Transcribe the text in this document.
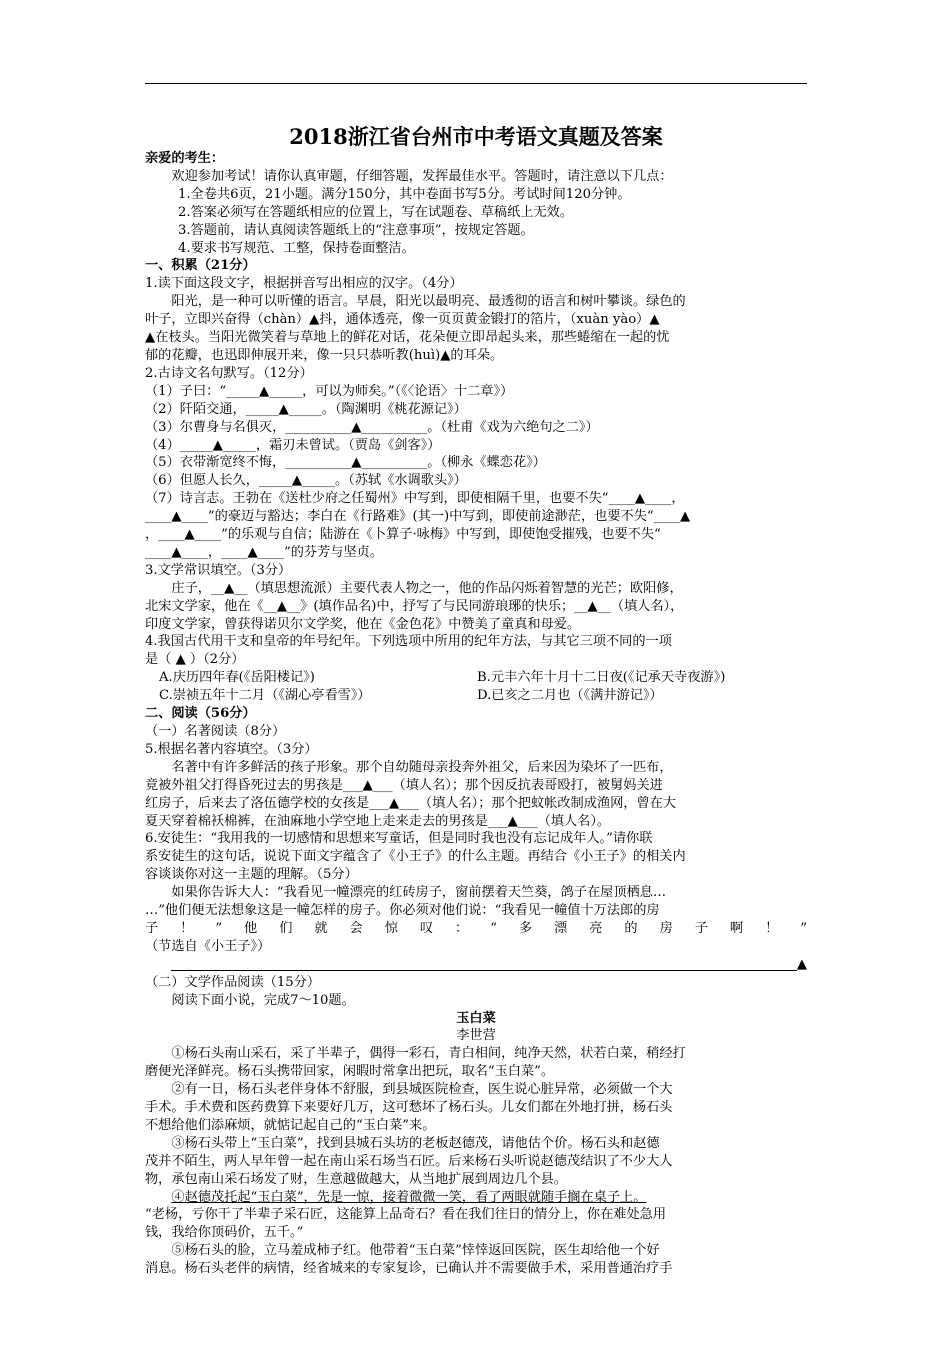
2018浙江省台州市中考语文真题及答案

亲爱的考生：

欢迎参加考试！请你认真审题，仔细答题，发挥最佳水平。答题时，请注意以下几点：

1.全卷共6页，21小题。满分150分，其中卷面书写5分。考试时间120分钟。

2.答案必须写在答题纸相应的位置上，写在试题卷、草稿纸上无效。

3.答题前，请认真阅读答题纸上的“注意事项”，按规定答题。

4.要求书写规范、工整，保持卷面整洁。

一、积累（21分）

1.读下面这段文字，根据拼音写出相应的汉字。（4分）

阳光，是一种可以听懂的语言。早晨，阳光以最明亮、最透彻的语言和树叶攀谈。绿色的

叶子，立即兴奋得（chàn）▲抖，通体透亮，像一页页黄金锻打的箔片，（xuàn yào）▲

▲在枝头。当阳光微笑着与草地上的鲜花对话，花朵便立即昂起头来，那些蜷缩在一起的忧

郁的花瓣，也迅即伸展开来，像一只只恭听教(huì)▲的耳朵。

2.古诗文名句默写。（12分）

（1）子曰：“_____▲_____，可以为师矣。”（《〈论语〉十二章》）

（2）阡陌交通，_____▲_____。（陶渊明《桃花源记》）

（3）尔曹身与名俱灭，__________▲__________。（杜甫《戏为六绝句之二》）

（4）_____▲_____，霜刃未曾试。（贾岛《剑客》）

（5）衣带渐宽终不悔，__________▲__________。（柳永《蝶恋花》）

（6）但愿人长久，_____▲_____。（苏轼《水调歌头》）

（7）诗言志。王勃在《送杜少府之任蜀州》中写到，即使相隔千里，也要不失“____▲____，

____▲____”的豪迈与豁达；李白在《行路难》(其一)中写到，即使前途渺茫，也要不失“____▲

，____▲____”的乐观与自信；陆游在《卜算子·咏梅》中写到，即使饱受摧残，也要不失“

____▲____，____▲____”的芬芳与坚贞。

3.文学常识填空。（3分）

庄子，__▲__（填思想流派）主要代表人物之一，他的作品闪烁着智慧的光芒；欧阳修，

北宋文学家，他在《__▲__》(填作品名)中，抒写了与民同游琅琊的快乐；__▲__（填人名），

印度文学家，曾获得诺贝尔文学奖，他在《金色花》中赞美了童真和母爱。

4.我国古代用干支和皇帝的年号纪年。下列选项中所用的纪年方法，与其它三项不同的一项

是（ ▲ ）（2分）

A.庆历四年春(《岳阳楼记》)	B.元丰六年十月十二日夜(《记承天寺夜游》)
C.崇祯五年十二月（《湖心亭看雪》）	D.已亥之二月也（《满井游记》）

二、阅读（56分）

（一）名著阅读（8分）

5.根据名著内容填空。（3分）

名著中有许多鲜活的孩子形象。那个自幼随母亲投奔外祖父，后来因为染坏了一匹布，

竟被外祖父打得昏死过去的男孩是___▲___（填人名）；那个因反抗表哥殴打，被舅妈关进

红房子，后来去了洛伍德学校的女孩是___▲___（填人名）；那个把蚊帐改制成渔网，曾在大

夏天穿着棉袄棉裤，在油麻地小学空地上走来走去的男孩是___▲___（填人名）。

6.安徒生：“我用我的一切感情和思想来写童话，但是同时我也没有忘记成年人。”请你联

系安徒生的这句话，说说下面文字蕴含了《小王子》的什么主题。再结合《小王子》的相关内

容谈谈你对这一主题的理解。（5分）

如果你告诉大人：“我看见一幢漂亮的红砖房子，窗前摆着天竺葵，鸽子在屋顶栖息…

…”他们便无法想象这是一幢怎样的房子。你必须对他们说：“我看见一幢值十万法郎的房

子！”他们就会惊叹：“多漂亮的房子啊！”

（节选自《小王子》）

▲

（二）文学作品阅读（15分）

阅读下面小说，完成7～10题。

玉白菜

李世营

①杨石头南山采石，采了半辈子，偶得一彩石，青白相间，纯净天然，状若白菜，稍经打

磨便光泽鲜亮。杨石头携带回家，闲暇时常拿出把玩，取名“玉白菜”。

②有一日，杨石头老伴身体不舒服，到县城医院检查，医生说心脏异常，必须做一个大

手术。手术费和医药费算下来要好几万，这可愁坏了杨石头。儿女们都在外地打拼，杨石头

不想给他们添麻烦，就惦记起自己的“玉白菜”来。

③杨石头带上“玉白菜”，找到县城石头坊的老板赵德茂，请他估个价。杨石头和赵德

茂并不陌生，两人早年曾一起在南山采石场当石匠。后来杨石头听说赵德茂结识了不少大人

物，承包南山采石场发了财，生意越做越大，从当地扩展到周边几个县。

④赵德茂托起“玉白菜”，先是一惊，接着微微一笑，看了两眼就随手搁在桌子上。

“老杨，亏你干了半辈子采石匠，这能算上品奇石？看在我们往日的情分上，你在难处急用

钱，我给你顶码价，五千。”

⑤杨石头的脸，立马羞成柿子红。他带着“玉白菜”悻悻返回医院，医生却给他一个好

消息。杨石头老伴的病情，经省城来的专家复诊，已确认并不需要做手术，采用普通治疗手
